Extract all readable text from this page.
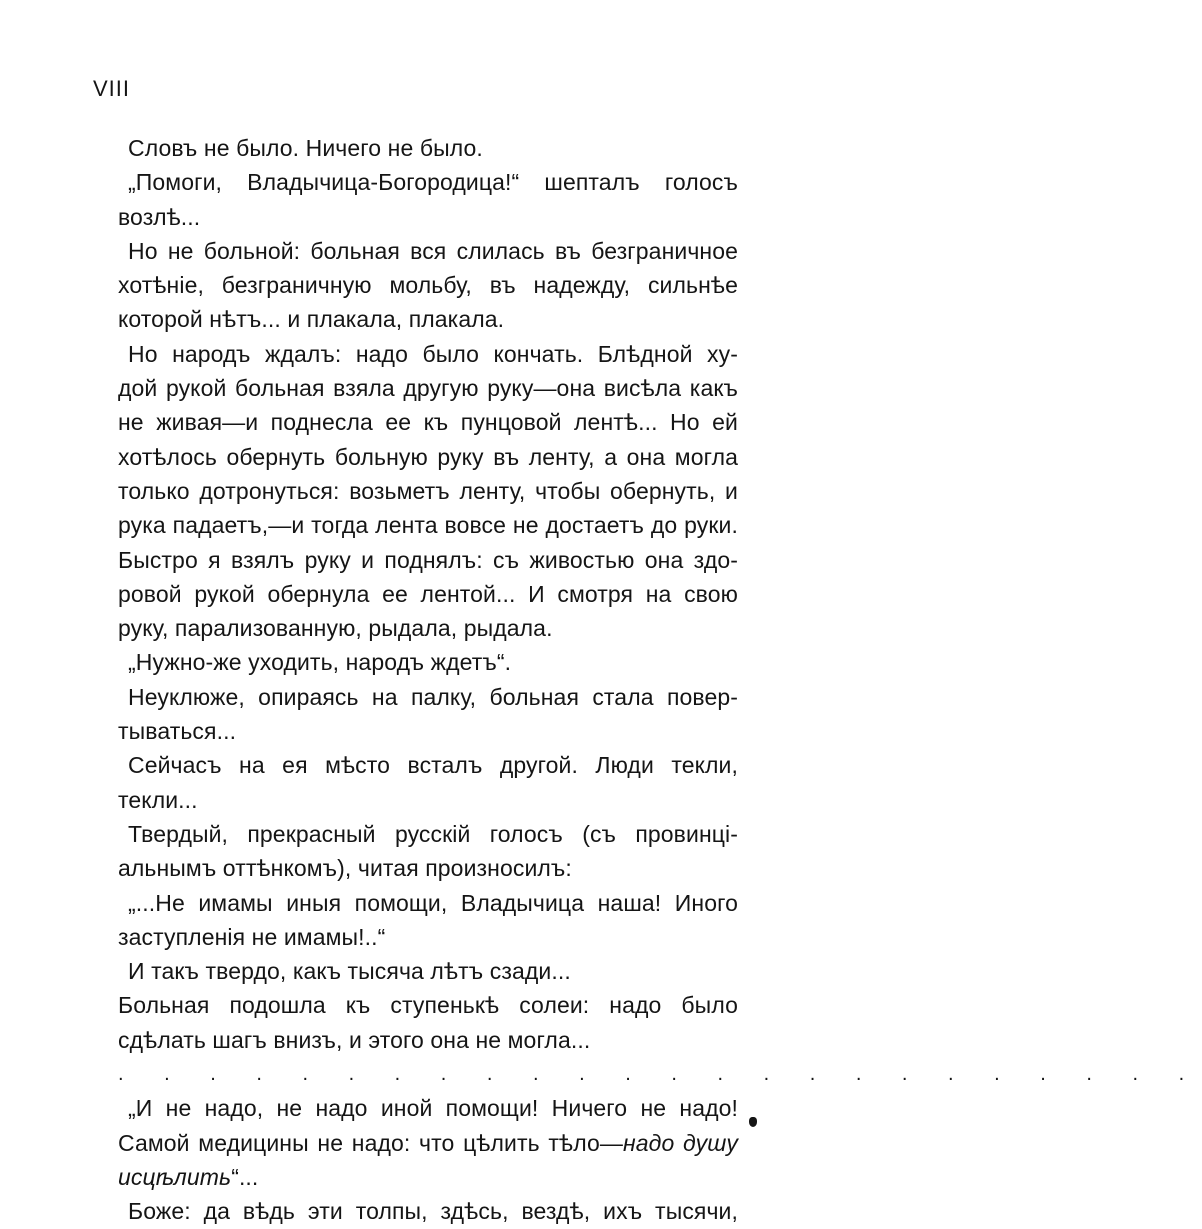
VIII
Словъ не было. Ничего не было.
„Помоги, Владычица-Богородица!“ шепталъ голосъ
возлѣ...
Но не больной: больная вся слилась въ безграничное
хотѣніе, безграничную мольбу, въ надежду, сильнѣе
которой нѣтъ... и плакала, плакала.
Но народъ ждалъ: надо было кончать. Блѣдной ху-
дой рукой больная взяла другую руку—она висѣла какъ
не живая—и поднесла ее къ пунцовой лентѣ... Но ей
хотѣлось обернуть больную руку въ ленту, а она могла
только дотронуться: возьметъ ленту, чтобы обернуть, и
рука падаетъ,—и тогда лента вовсе не достаетъ до руки.
Быстро я взялъ руку и поднялъ: съ живостью она здо-
ровой рукой обернула ее лентой... И смотря на свою
руку, парализованную, рыдала, рыдала.
„Нужно-же уходить, народъ ждетъ“.
Неуклюже, опираясь на палку, больная стала повер-
тываться...
Сейчасъ на ея мѣсто всталъ другой. Люди текли,
текли...
Твердый, прекрасный русскій голосъ (съ провинці-
альнымъ оттѣнкомъ), читая произносилъ:
„...Не имамы иныя помощи, Владычица наша! Иного
заступленія не имамы!..“
И такъ твердо, какъ тысяча лѣтъ сзади...
Больная подошла къ ступенькѣ солеи: надо было
сдѣлать шагъ внизъ, и этого она не могла...
. . . . . . . . . . . . . . . . . . . . . . . .
„И не надо, не надо иной помощи! Ничего не надо!
Самой медицины не надо: что цѣлить тѣло—надо душу
исцѣлить“...
Боже: да вѣдь эти толпы, здѣсь, вездѣ, ихъ тысячи,
